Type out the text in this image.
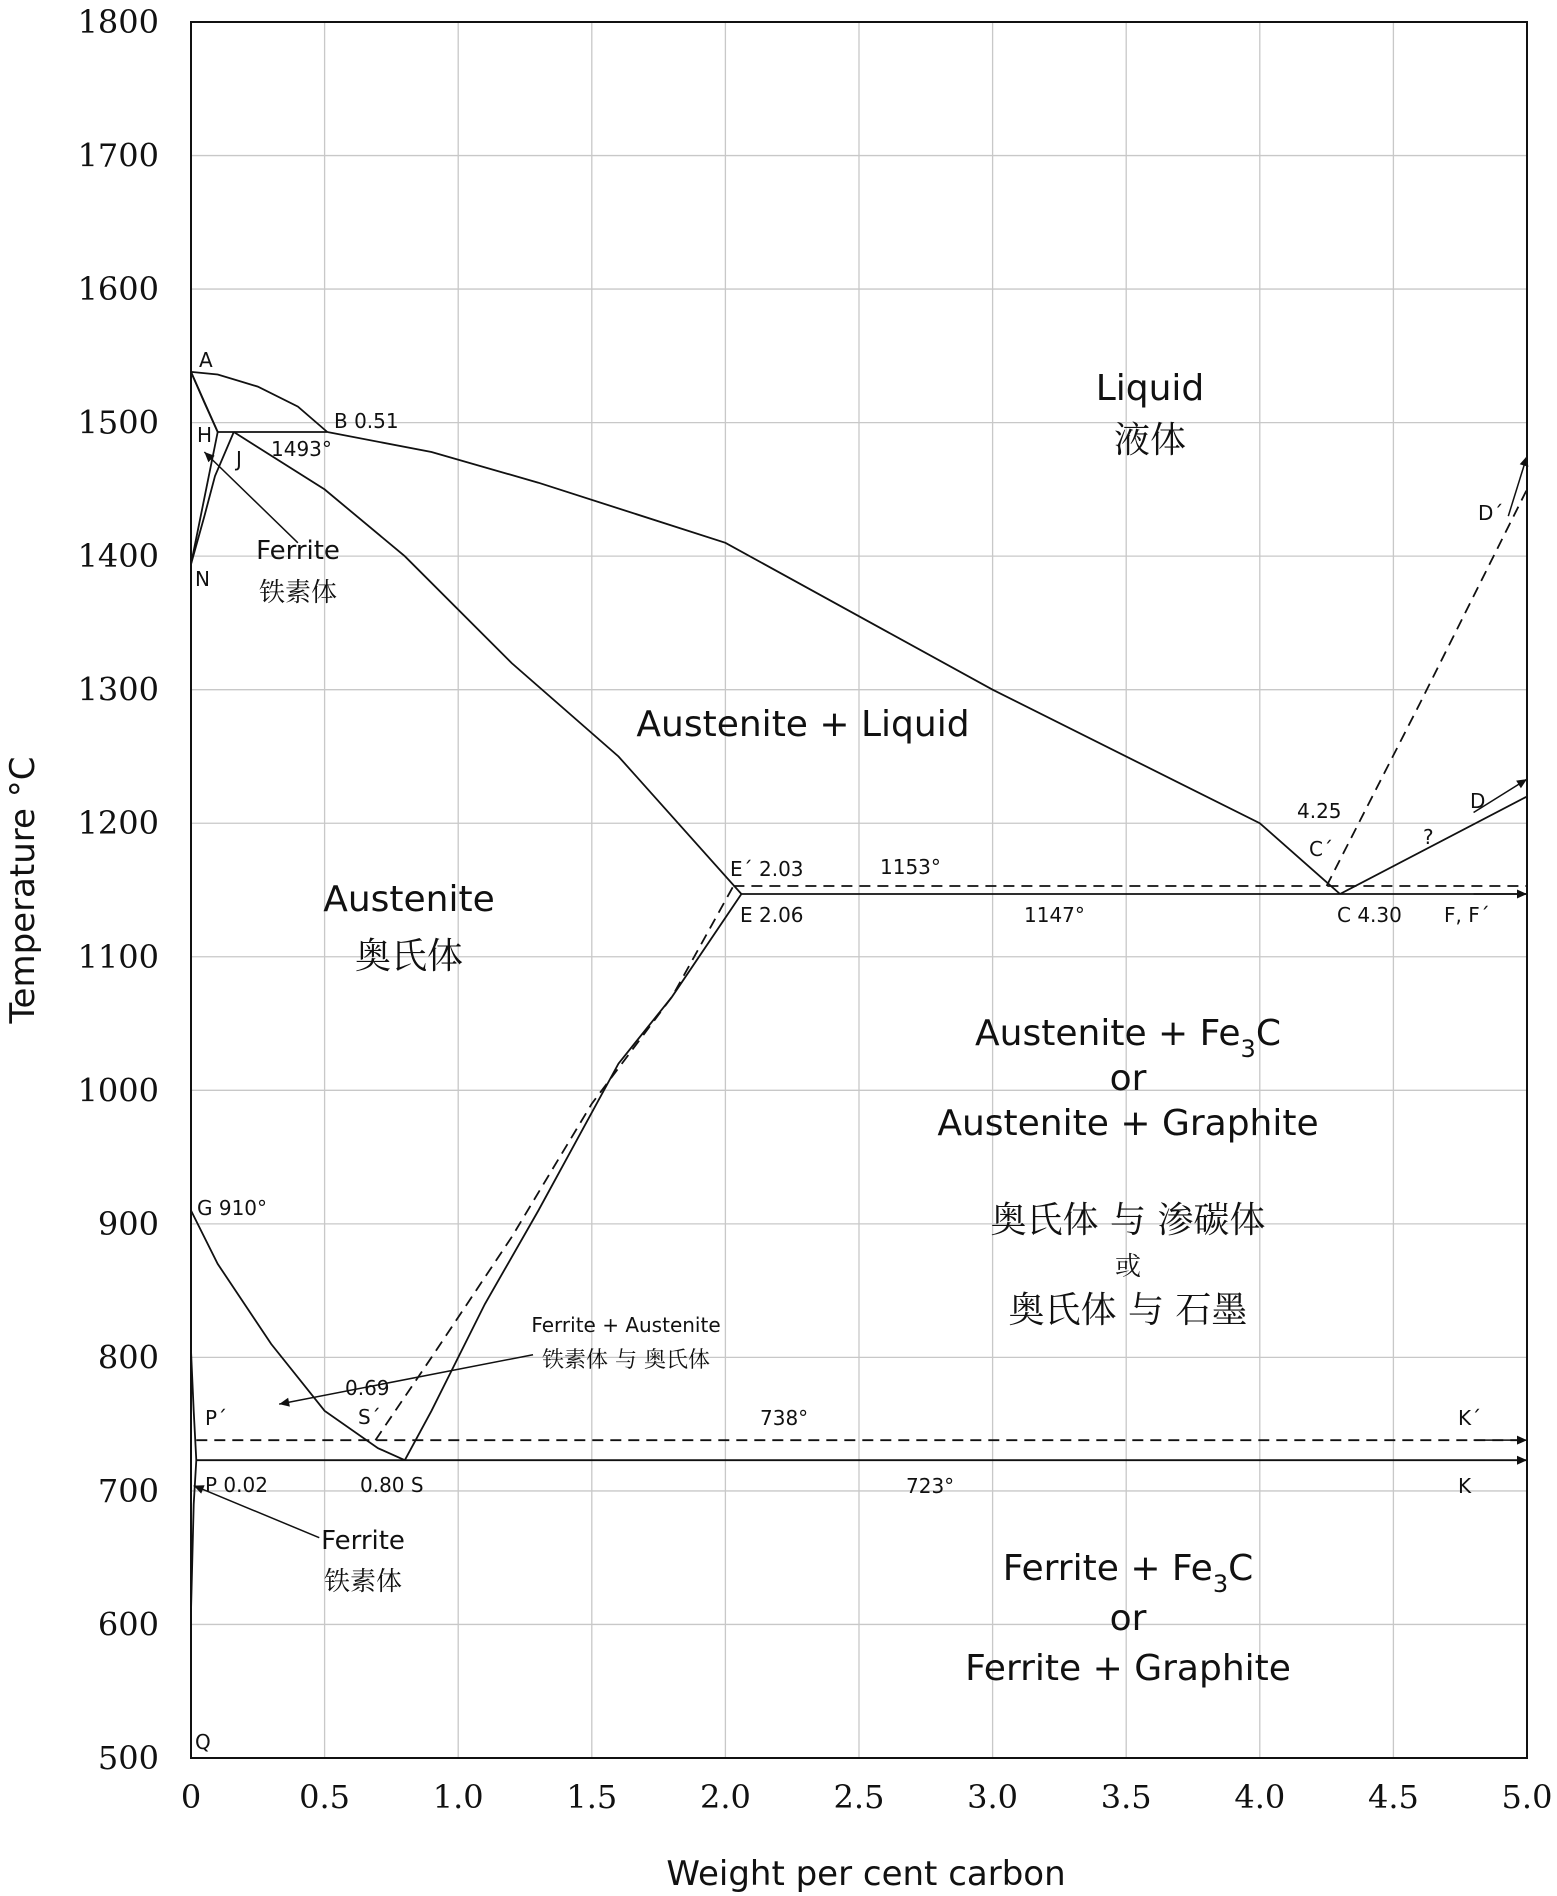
0	0.5	1.0	1.5	2.0	2.5	3.0	3.5	4.0	4.5	5.0
500
600
700
800
900
1000
1100
1200
1300
1400
1500
1600
1700
1800
Weight per cent carbon
Temperature °C
Liquid
液体
Austenite + Liquid
Austenite
奥氏体
Ferrite
铁素体
Austenite + $Fe_3C$
or
Austenite + Graphite
奥氏体 与 渗碳体
或
奥氏体 与 石墨
Ferrite + Austenite
铁素体 与 奥氏体
Ferrite
铁素体	Ferrite + $Fe_3C$
or
Ferrite + Graphite
A
B 0.51
H
J
N
1493°
D´
D
?
4.25
C´
C 4.30
E´ 2.03
E 2.06
1153°
1147°	F, F´
G 910°
0.69
S´
P´	738°	K´
P 0.02	0.80 S	723°	K
Q
